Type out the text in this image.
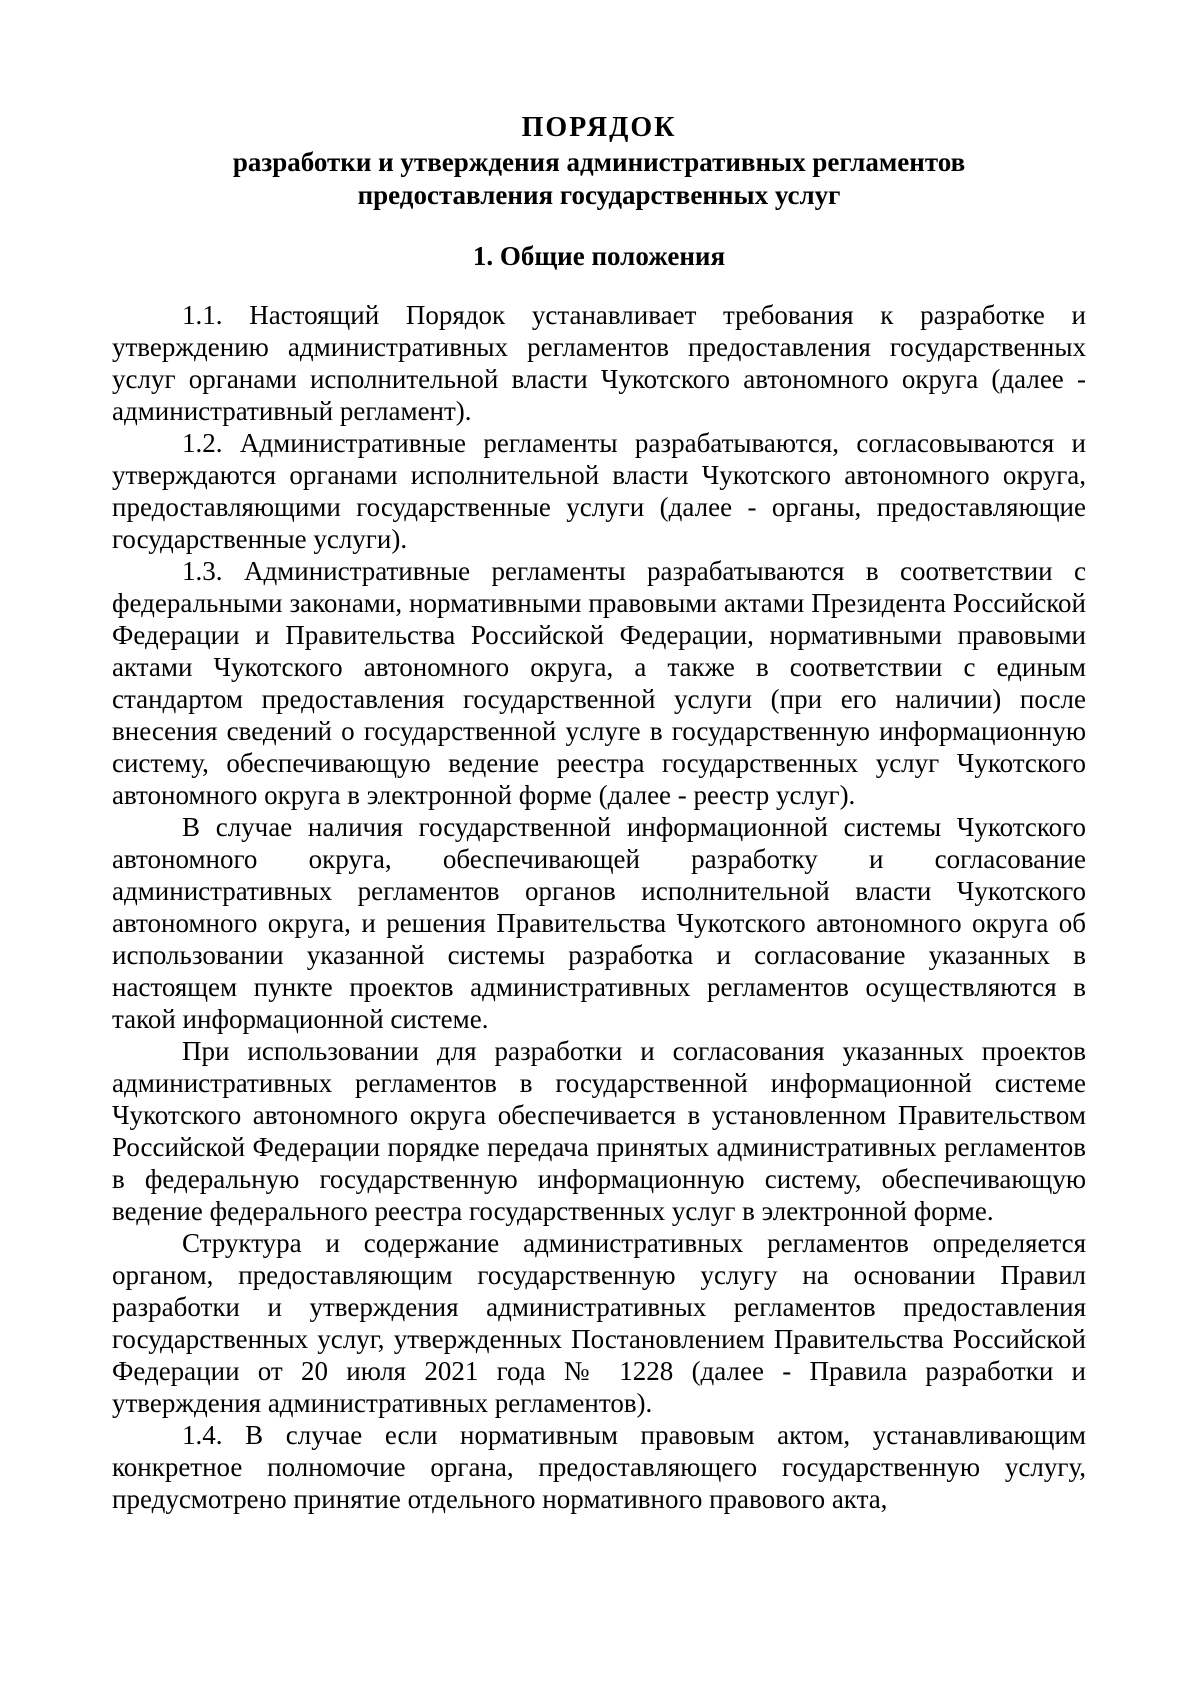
ПОРЯДОК

разработки и утверждения административных регламентов

предоставления государственных услуг

1. Общие положения

1.1. Настоящий Порядок устанавливает требования к разработке и утверждению административных регламентов предоставления государственных услуг органами исполнительной власти Чукотского автономного округа (далее - административный регламент).

1.2. Административные регламенты разрабатываются, согласовываются и утверждаются органами исполнительной власти Чукотского автономного округа, предоставляющими государственные услуги (далее - органы, предоставляющие государственные услуги).

1.3. Административные регламенты разрабатываются в соответствии с федеральными законами, нормативными правовыми актами Президента Российской Федерации и Правительства Российской Федерации, нормативными правовыми актами Чукотского автономного округа, а также в соответствии с единым стандартом предоставления государственной услуги (при его наличии) после внесения сведений о государственной услуге в государственную информационную систему, обеспечивающую ведение реестра государственных услуг Чукотского автономного округа в электронной форме (далее - реестр услуг).

В случае наличия государственной информационной системы Чукотского автономного округа, обеспечивающей разработку и согласование административных регламентов органов исполнительной власти Чукотского автономного округа, и решения Правительства Чукотского автономного округа об использовании указанной системы разработка и согласование указанных в настоящем пункте проектов административных регламентов осуществляются в такой информационной системе.

При использовании для разработки и согласования указанных проектов административных регламентов в государственной информационной системе Чукотского автономного округа обеспечивается в установленном Правительством Российской Федерации порядке передача принятых административных регламентов в федеральную государственную информационную систему, обеспечивающую ведение федерального реестра государственных услуг в электронной форме.

Структура и содержание административных регламентов определяется органом, предоставляющим государственную услугу на основании Правил разработки и утверждения административных регламентов предоставления государственных услуг, утвержденных Постановлением Правительства Российской Федерации от 20 июля 2021 года № 1228 (далее - Правила разработки и утверждения административных регламентов).

1.4. В случае если нормативным правовым актом, устанавливающим конкретное полномочие органа, предоставляющего государственную услугу, предусмотрено принятие отдельного нормативного правового акта,
